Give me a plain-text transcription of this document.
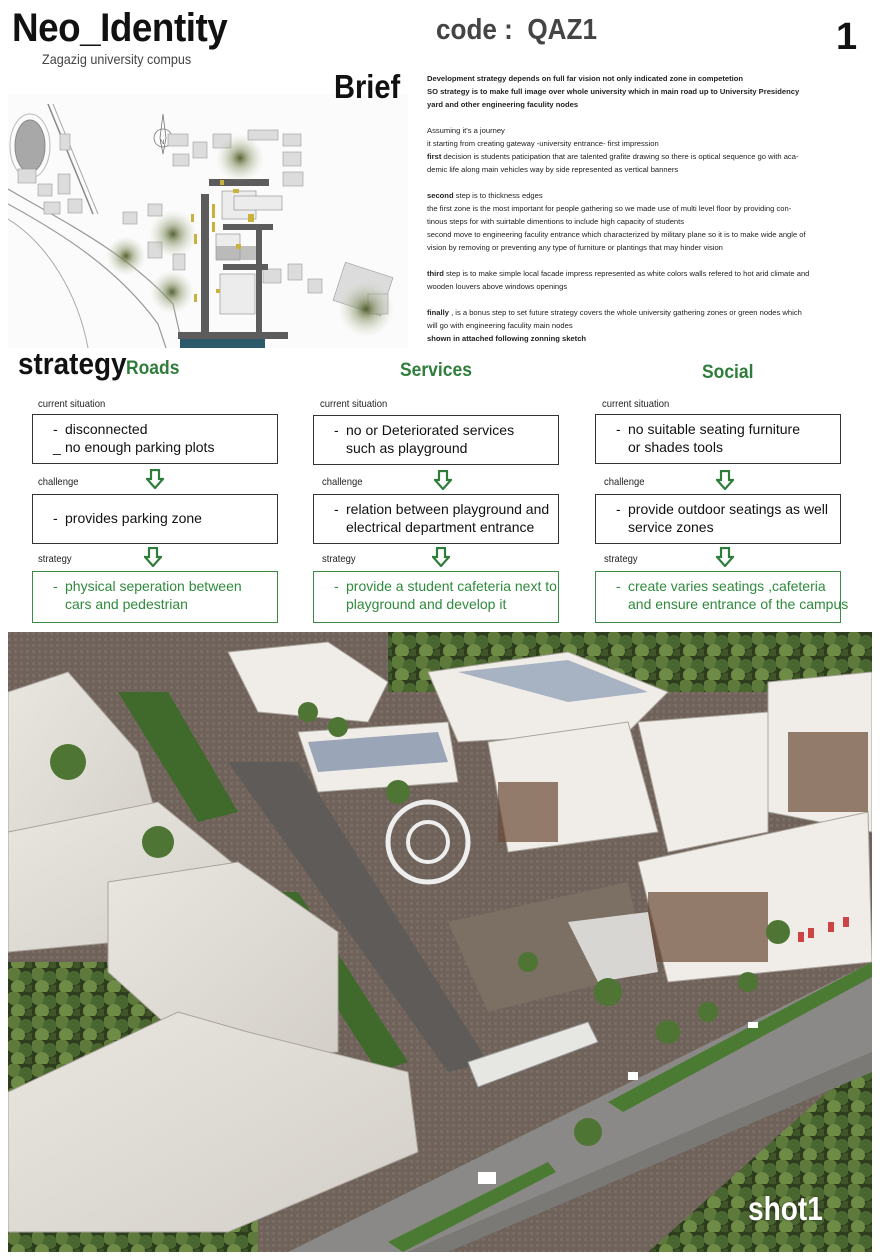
Neo_Identity
Zagazig university compus
code :  QAZ1	1
N
Brief	Development strategy depends on full far vision not only indicated zone in competetion

SO strategy is to make full image over whole university which in main road up to University Presidency

yard and other engineering faculity nodes

Assuming it's a journey

it starting from creating gateway -university entrance- first impression

first decision is students paticipation that are talented grafite drawing so there is optical sequence go with aca-

demic life along main vehicles way by side represented as vertical banners

second step is to thickness edges

the first zone is the most important for people gathering so we made use of multi level floor by providing con-

tinous steps for with suirtable dimentions to include high capacity of students

second move to engineering faculity entrance which characterized by military plane so it is to make wide angle of

vision by removing or preventing any type of furniture or plantings that may hinder vision

third step is to make simple local facade impress represented as white colors walls refered to hot arid climate and

wooden louvers above windows openings

finally , is a bonus step to set future strategy covers the whole university gathering zones or green nodes which

will go with engineering faculity main nodes

shown in attached following zonning sketch

strategy Roads
current situation
- disconnected
_ no enough parking plots
challenge
- provides parking zone
strategy
- physical seperation between
cars and pedestrian
Services
current situation
- no or Deteriorated services
such as playground
challenge
- relation between playground and
electrical department entrance
strategy
- provide a student cafeteria next to
playground and develop it
Social
current situation
- no suitable seating furniture
or shades tools
challenge
- provide outdoor seatings as well
service zones
strategy
- create varies seatings ,cafeteria
and ensure entrance of the campus
shot1
